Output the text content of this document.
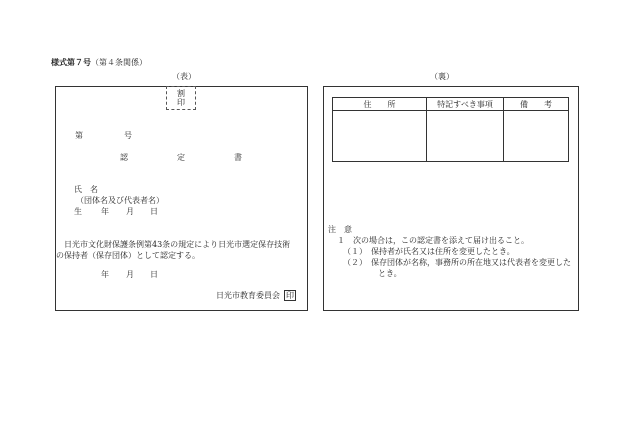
様式第７号（第４条関係）
（表）	（裏）
割
印
第	号
認	定	書
氏　名
（団体名及び代表者名）
生 年 月 日
日光市文化財保護条例第43条の規定により日光市選定保存技術
の保持者（保存団体）として認定する。
年 月 日
日光市教育委員会 印
住　　所	特記すべき事項	備　　考

注　意
１　次の場合は，この認定書を添えて届け出ること。
（１）　保持者が氏名又は住所を変更したとき。
（２）　保存団体が名称，事務所の所在地又は代表者を変更した
とき。
